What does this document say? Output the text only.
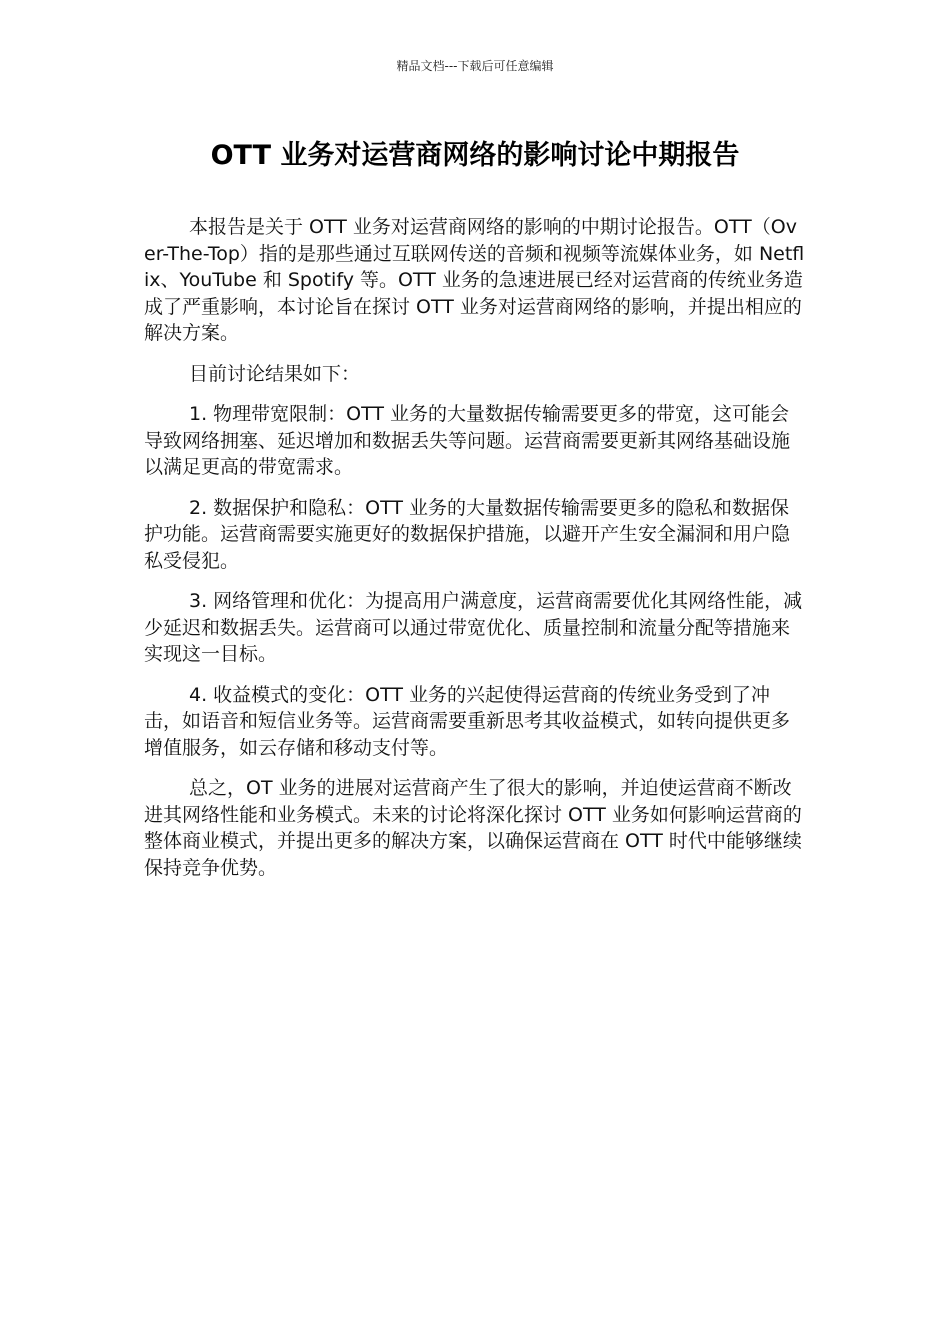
精品文档---下载后可任意编辑
OTT 业务对运营商网络的影响讨论中期报告

本报告是关于 OTT 业务对运营商网络的影响的中期讨论报告。OTT（Over-The-Top）指的是那些通过互联网传送的音频和视频等流媒体业务，如 Netflix、YouTube 和 Spotify 等。OTT 业务的急速进展已经对运营商的传统业务造成了严重影响，本讨论旨在探讨 OTT 业务对运营商网络的影响，并提出相应的解决方案。

目前讨论结果如下：

1. 物理带宽限制：OTT 业务的大量数据传输需要更多的带宽，这可能会导致网络拥塞、延迟增加和数据丢失等问题。运营商需要更新其网络基础设施以满足更高的带宽需求。

2. 数据保护和隐私：OTT 业务的大量数据传输需要更多的隐私和数据保护功能。运营商需要实施更好的数据保护措施，以避开产生安全漏洞和用户隐私受侵犯。

3. 网络管理和优化：为提高用户满意度，运营商需要优化其网络性能，减少延迟和数据丢失。运营商可以通过带宽优化、质量控制和流量分配等措施来实现这一目标。

4. 收益模式的变化：OTT 业务的兴起使得运营商的传统业务受到了冲击，如语音和短信业务等。运营商需要重新思考其收益模式，如转向提供更多增值服务，如云存储和移动支付等。

总之，OT 业务的进展对运营商产生了很大的影响，并迫使运营商不断改进其网络性能和业务模式。未来的讨论将深化探讨 OTT 业务如何影响运营商的整体商业模式，并提出更多的解决方案，以确保运营商在 OTT 时代中能够继续保持竞争优势。
